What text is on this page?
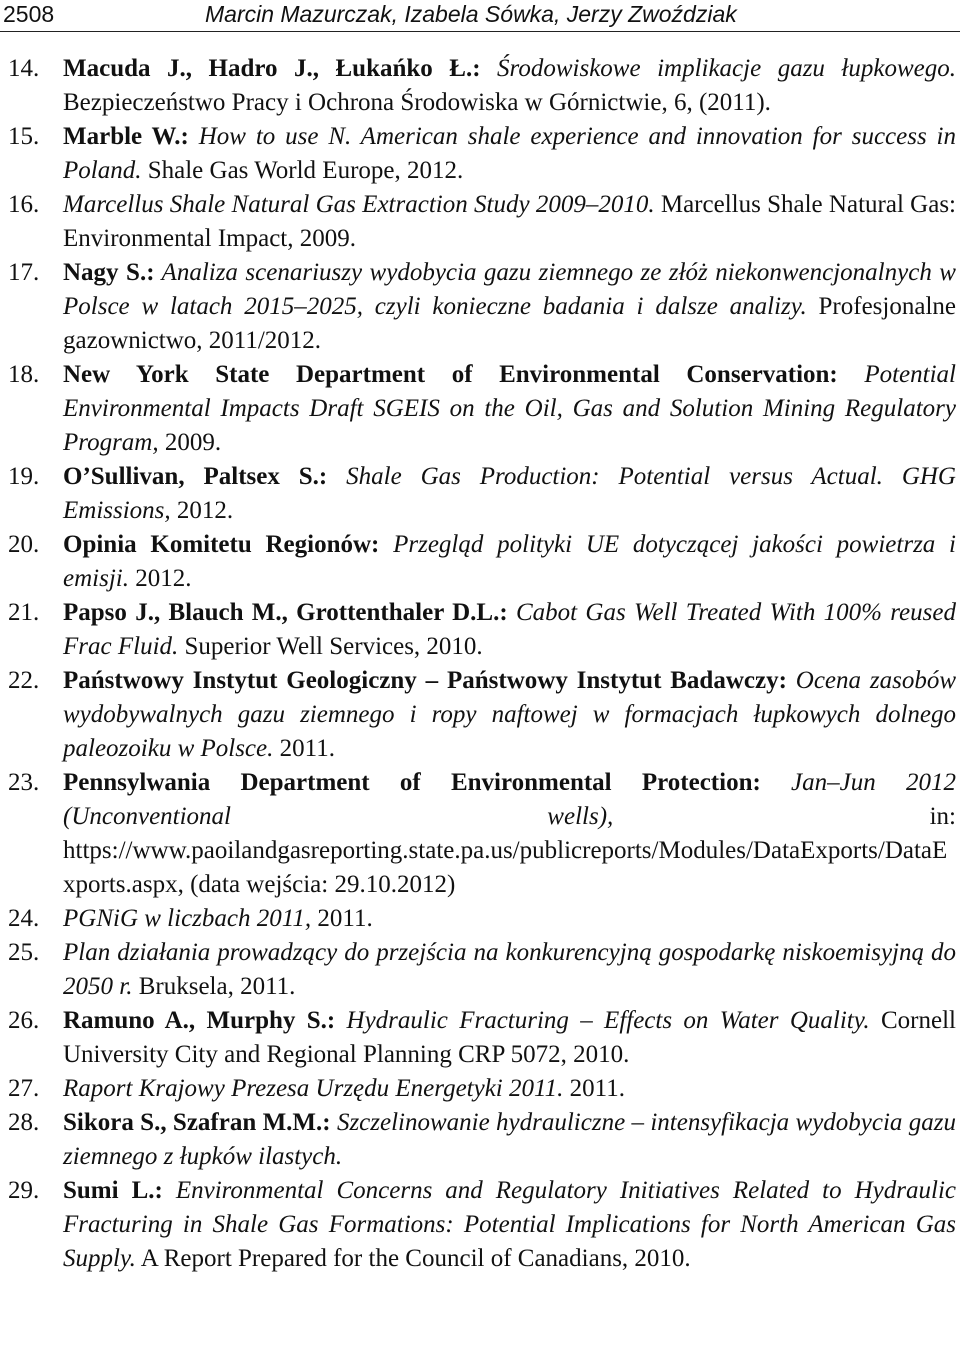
2508	Marcin Mazurczak, Izabela Sówka, Jerzy Zwoździak
14. Macuda J., Hadro J., Łukańko Ł.: Środowiskowe implikacje gazu łupkowego. Bezpieczeństwo Pracy i Ochrona Środowiska w Górnictwie, 6, (2011).
15. Marble W.: How to use N. American shale experience and innovation for success in Poland. Shale Gas World Europe, 2012.
16. Marcellus Shale Natural Gas Extraction Study 2009–2010. Marcellus Shale Natural Gas: Environmental Impact, 2009.
17. Nagy S.: Analiza scenariuszy wydobycia gazu ziemnego ze złóż niekonwencjonalnych w Polsce w latach 2015–2025, czyli konieczne badania i dalsze analizy. Profesjonalne gazownictwo, 2011/2012.
18. New York State Department of Environmental Conservation: Potential Environmental Impacts Draft SGEIS on the Oil, Gas and Solution Mining Regulatory Program, 2009.
19. O’Sullivan, Paltsex S.: Shale Gas Production: Potential versus Actual. GHG Emissions, 2012.
20. Opinia Komitetu Regionów: Przegląd polityki UE dotyczącej jakości powietrza i emisji. 2012.
21. Papso J., Blauch M., Grottenthaler D.L.: Cabot Gas Well Treated With 100% reused Frac Fluid. Superior Well Services, 2010.
22. Państwowy Instytut Geologiczny – Państwowy Instytut Badawczy: Ocena zasobów wydobywalnych gazu ziemnego i ropy naftowej w formacjach łupkowych dolnego paleozoiku w Polsce. 2011.
23. Pennsylwania Department of Environmental Protection: Jan–Jun 2012 (Unconventional wells), in: https://www.paoilandgasreporting.state.pa.us/publicreports/Modules/DataExports/DataExports.aspx, (data wejścia: 29.10.2012)
24. PGNiG w liczbach 2011, 2011.
25. Plan działania prowadzący do przejścia na konkurencyjną gospodarkę niskoemisyjną do 2050 r. Bruksela, 2011.
26. Ramuno A., Murphy S.: Hydraulic Fracturing – Effects on Water Quality. Cornell University City and Regional Planning CRP 5072, 2010.
27. Raport Krajowy Prezesa Urzędu Energetyki 2011. 2011.
28. Sikora S., Szafran M.M.: Szczelinowanie hydrauliczne – intensyfikacja wydobycia gazu ziemnego z łupków ilastych.
29. Sumi L.: Environmental Concerns and Regulatory Initiatives Related to Hydraulic Fracturing in Shale Gas Formations: Potential Implications for North American Gas Supply. A Report Prepared for the Council of Canadians, 2010.
